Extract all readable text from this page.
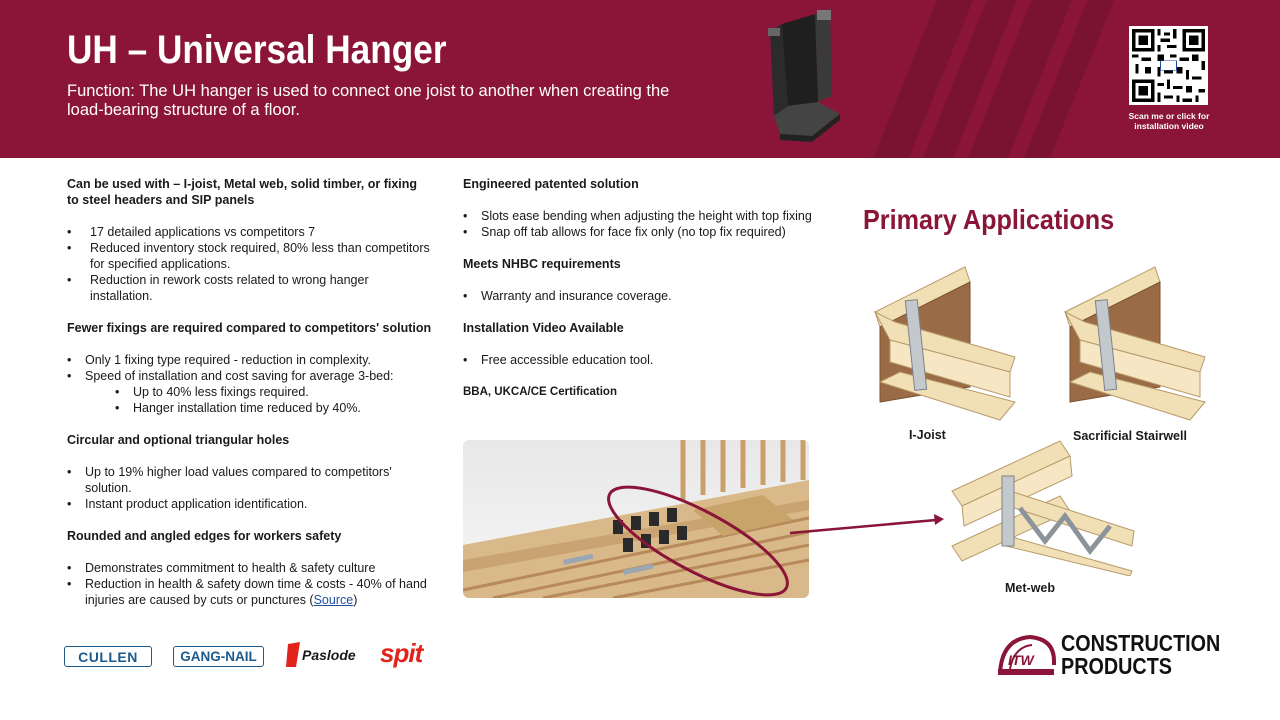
UH – Universal Hanger
Function: The UH hanger is used to connect one joist to another when creating the load-bearing structure of a floor.	Scan me or click for installation video
Can be used with – I-joist, Metal web, solid timber, or fixing to steel headers and SIP panels
• 17 detailed applications vs competitors 7
• Reduced inventory stock required, 80% less than competitors for specified applications.
• Reduction in rework costs related to wrong hanger installation.
Fewer fixings are required compared to competitors' solution
• Only 1 fixing type required - reduction in complexity.
• Speed of installation and cost saving for average 3-bed:
• Up to 40% less fixings required.
• Hanger installation time reduced by 40%.
Circular and optional triangular holes
• Up to 19% higher load values compared to competitors' solution.
• Instant product application identification.
Rounded and angled edges for workers safety
• Demonstrates commitment to health & safety culture
• Reduction in health & safety down time & costs - 40% of hand injuries are caused by cuts or punctures (Source)
Engineered patented solution
• Slots ease bending when adjusting the height with top fixing
• Snap off tab allows for face fix only (no top fix required)
Meets NHBC requirements
• Warranty and insurance coverage.
Installation Video Available
• Free accessible education tool.
BBA, UKCA/CE Certification
Primary Applications
I-Joist	Sacrificial Stairwell
Met-web
CULLEN	GANG-NAIL	Paslode spit	ITW
CONSTRUCTION
PRODUCTS
